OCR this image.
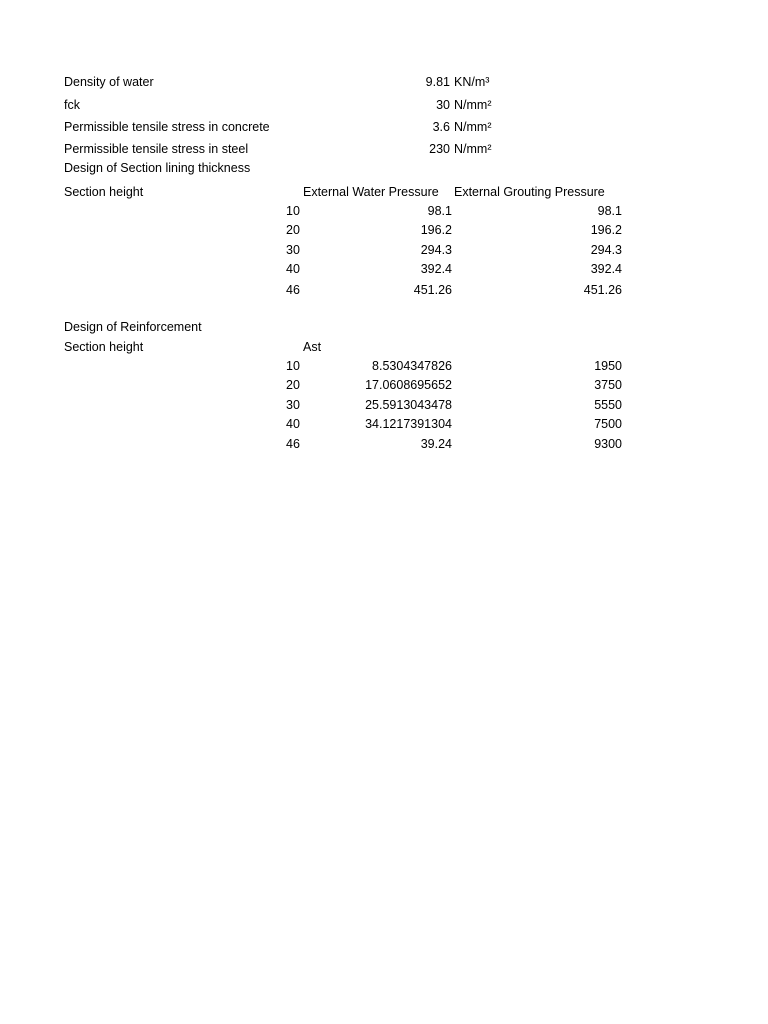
Density of water	9.81 KN/m³
fck	30 N/mm²
Permissible tensile stress in concrete	3.6 N/mm²
Permissible tensile stress in steel	230 N/mm²
Design of Section lining thickness
Section height	External Water Pressure External Grouting Pressure
10	98.1	98.1
20	196.2	196.2
30	294.3	294.3
40	392.4	392.4
46	451.26	451.26
Design of Reinforcement
Section height	Ast
10	8.5304347826	1950
20	17.0608695652	3750
30	25.5913043478	5550
40	34.1217391304	7500
46	39.24	9300
